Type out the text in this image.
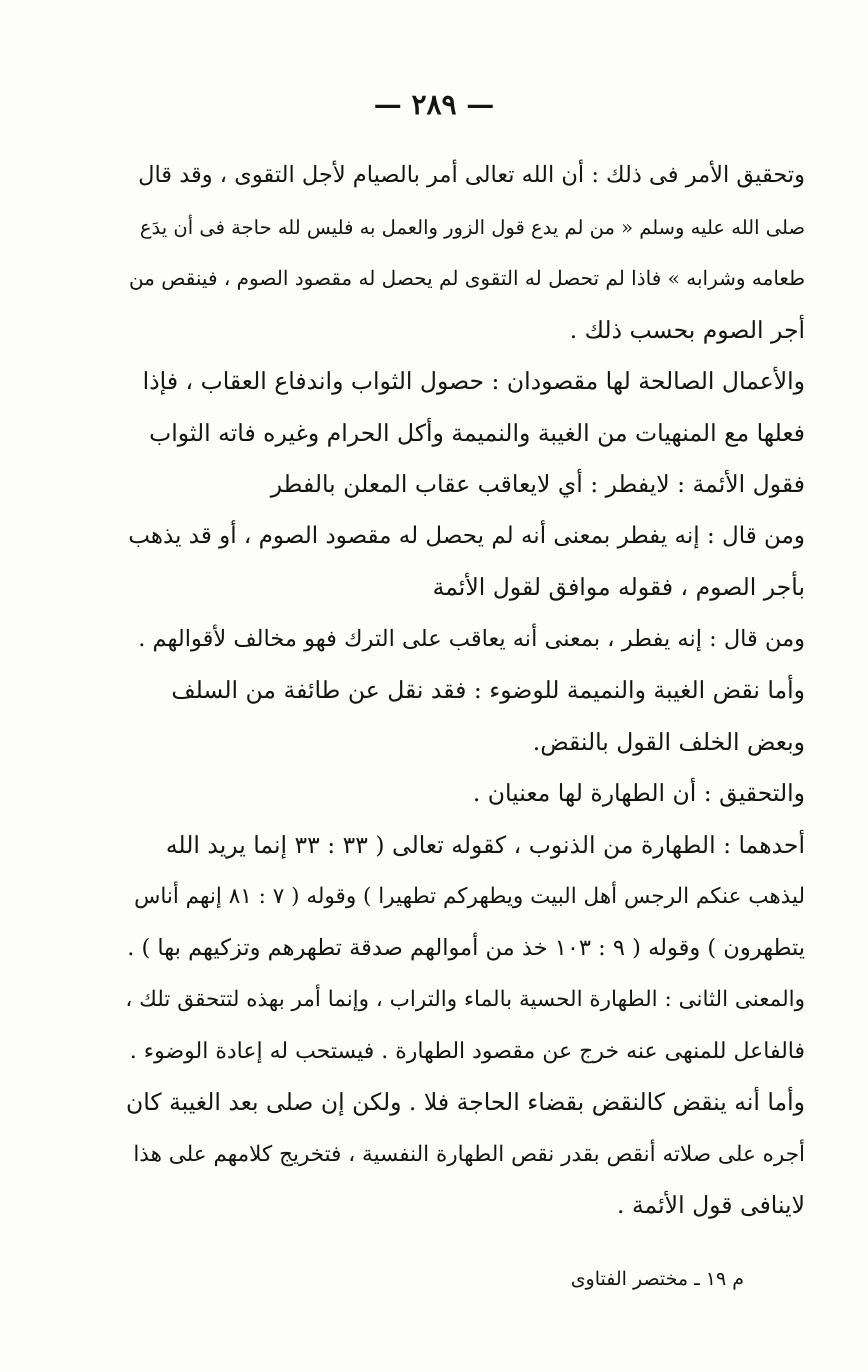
— ٢٨٩ —
وتحقيق الأمر فى ذلك : أن الله تعالى أمر بالصيام لأجل التقوى ، وقد قال
صلى الله عليه وسلم « من لم يدع قول الزور والعمل به فليس لله حاجة فى أن يدَع
طعامه وشرابه » فاذا لم تحصل له التقوى لم يحصل له مقصود الصوم ، فينقص من
أجر الصوم بحسب ذلك .
والأعمال الصالحة لها مقصودان : حصول الثواب واندفاع العقاب ، فإذا
فعلها مع المنهيات من الغيبة والنميمة وأكل الحرام وغيره فاته الثواب
فقول الأئمة : لايفطر : أي لايعاقب عقاب المعلن بالفطر
ومن قال : إنه يفطر بمعنى أنه لم يحصل له مقصود الصوم ، أو قد يذهب
بأجر الصوم ، فقوله موافق لقول الأئمة
ومن قال : إنه يفطر ، بمعنى أنه يعاقب على الترك فهو مخالف لأقوالهم .
وأما نقض الغيبة والنميمة للوضوء : فقد نقل عن طائفة من السلف
وبعض الخلف القول بالنقض.
والتحقيق : أن الطهارة لها معنيان .
أحدهما : الطهارة من الذنوب ، كقوله تعالى ( ٣٣ : ٣٣ إنما يريد الله
ليذهب عنكم الرجس أهل البيت ويطهركم تطهيرا ) وقوله ( ٧ : ٨١ إنهم أناس
يتطهرون ) وقوله ( ٩ : ١٠٣ خذ من أموالهم صدقة تطهرهم وتزكيهم بها ) .
والمعنى الثانى : الطهارة الحسية بالماء والتراب ، وإنما أمر بهذه لتتحقق تلك ،
فالفاعل للمنهى عنه خرج عن مقصود الطهارة . فيستحب له إعادة الوضوء .
وأما أنه ينقض كالنقض بقضاء الحاجة فلا . ولكن إن صلى بعد الغيبة كان
أجره على صلاته أنقص بقدر نقص الطهارة النفسية ، فتخريج كلامهم على هذا
لاينافى قول الأئمة .
م ١٩ ـ مختصر الفتاوى
